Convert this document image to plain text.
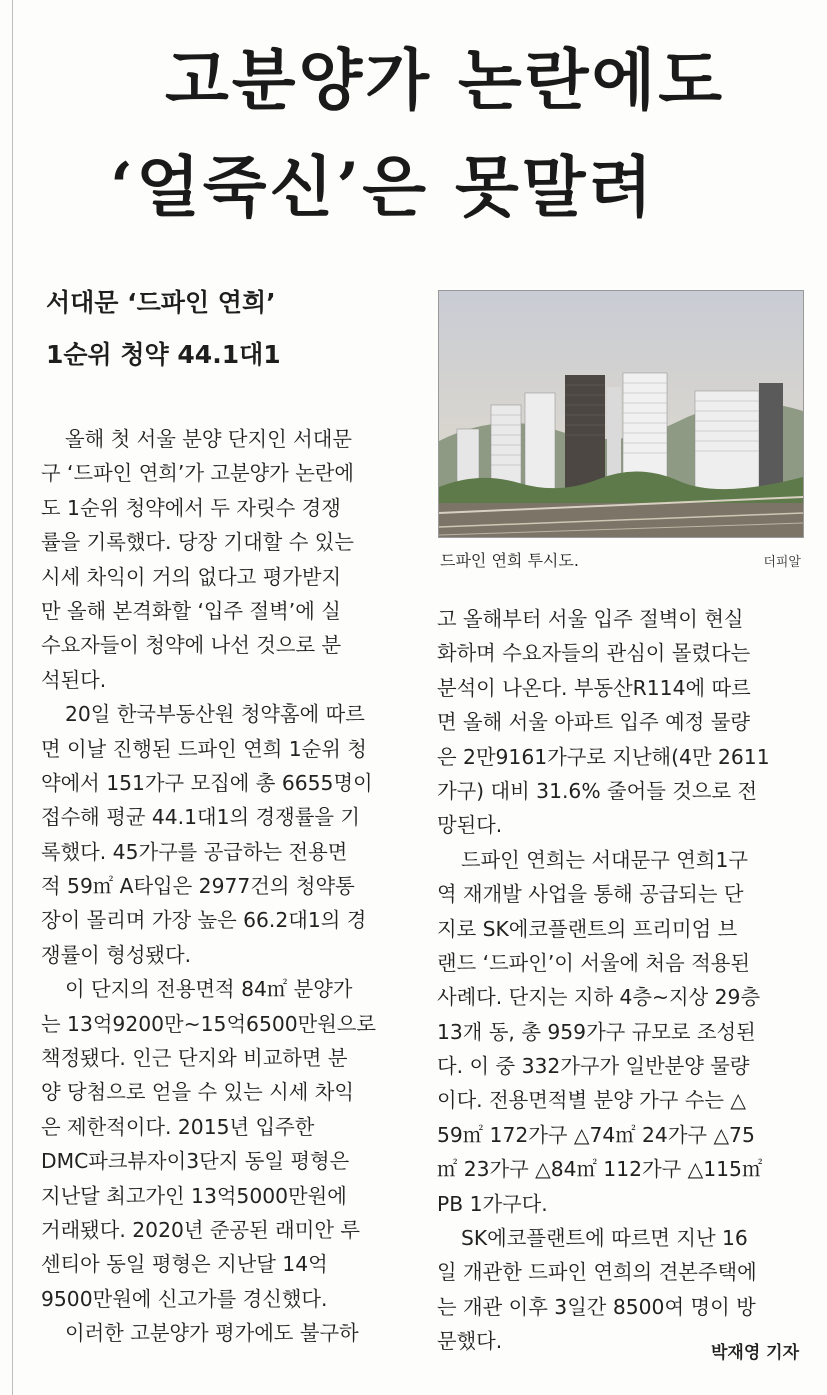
고분양가 논란에도
‘얼죽신’은 못말려
서대문 ‘드파인 연희’
1순위 청약 44.1대1
올해 첫 서울 분양 단지인 서대문
구 ‘드파인 연희’가 고분양가 논란에
도 1순위 청약에서 두 자릿수 경쟁
률을 기록했다. 당장 기대할 수 있는
시세 차익이 거의 없다고 평가받지
만 올해 본격화할 ‘입주 절벽’에 실
수요자들이 청약에 나선 것으로 분
석된다.
20일 한국부동산원 청약홈에 따르
면 이날 진행된 드파인 연희 1순위 청
약에서 151가구 모집에 총 6655명이
접수해 평균 44.1대1의 경쟁률을 기
록했다. 45가구를 공급하는 전용면
적 59㎡ A타입은 2977건의 청약통
장이 몰리며 가장 높은 66.2대1의 경
쟁률이 형성됐다.
이 단지의 전용면적 84㎡ 분양가
는 13억9200만~15억6500만원으로
책정됐다. 인근 단지와 비교하면 분
양 당첨으로 얻을 수 있는 시세 차익
은 제한적이다. 2015년 입주한
DMC파크뷰자이3단지 동일 평형은
지난달 최고가인 13억5000만원에
거래됐다. 2020년 준공된 래미안 루
센티아 동일 평형은 지난달 14억
9500만원에 신고가를 경신했다.
이러한 고분양가 평가에도 불구하
드파인 연희 투시도.	더피알
고 올해부터 서울 입주 절벽이 현실
화하며 수요자들의 관심이 몰렸다는
분석이 나온다. 부동산R114에 따르
면 올해 서울 아파트 입주 예정 물량
은 2만9161가구로 지난해(4만 2611
가구) 대비 31.6% 줄어들 것으로 전
망된다.
드파인 연희는 서대문구 연희1구
역 재개발 사업을 통해 공급되는 단
지로 SK에코플랜트의 프리미엄 브
랜드 ‘드파인’이 서울에 처음 적용된
사례다. 단지는 지하 4층~지상 29층
13개 동, 총 959가구 규모로 조성된
다. 이 중 332가구가 일반분양 물량
이다. 전용면적별 분양 가구 수는 △
59㎡ 172가구 △74㎡ 24가구 △75
㎡ 23가구 △84㎡ 112가구 △115㎡
PB 1가구다.
SK에코플랜트에 따르면 지난 16
일 개관한 드파인 연희의 견본주택에
는 개관 이후 3일간 8500여 명이 방
문했다.	박재영 기자
